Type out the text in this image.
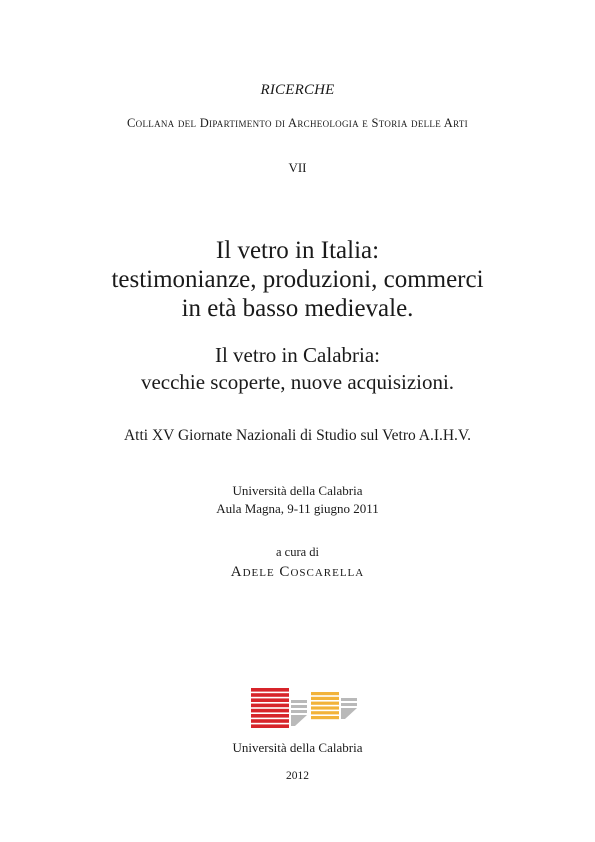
RICERCHE
Collana del Dipartimento di Archeologia e Storia delle Arti
VII
Il vetro in Italia:
testimonianze, produzioni, commerci
in età basso medievale.
Il vetro in Calabria:
vecchie scoperte, nuove acquisizioni.
Atti XV Giornate Nazionali di Studio sul Vetro A.I.H.V.
Università della Calabria
Aula Magna, 9-11 giugno 2011
a cura di
Adele Coscarella
Università della Calabria
2012
